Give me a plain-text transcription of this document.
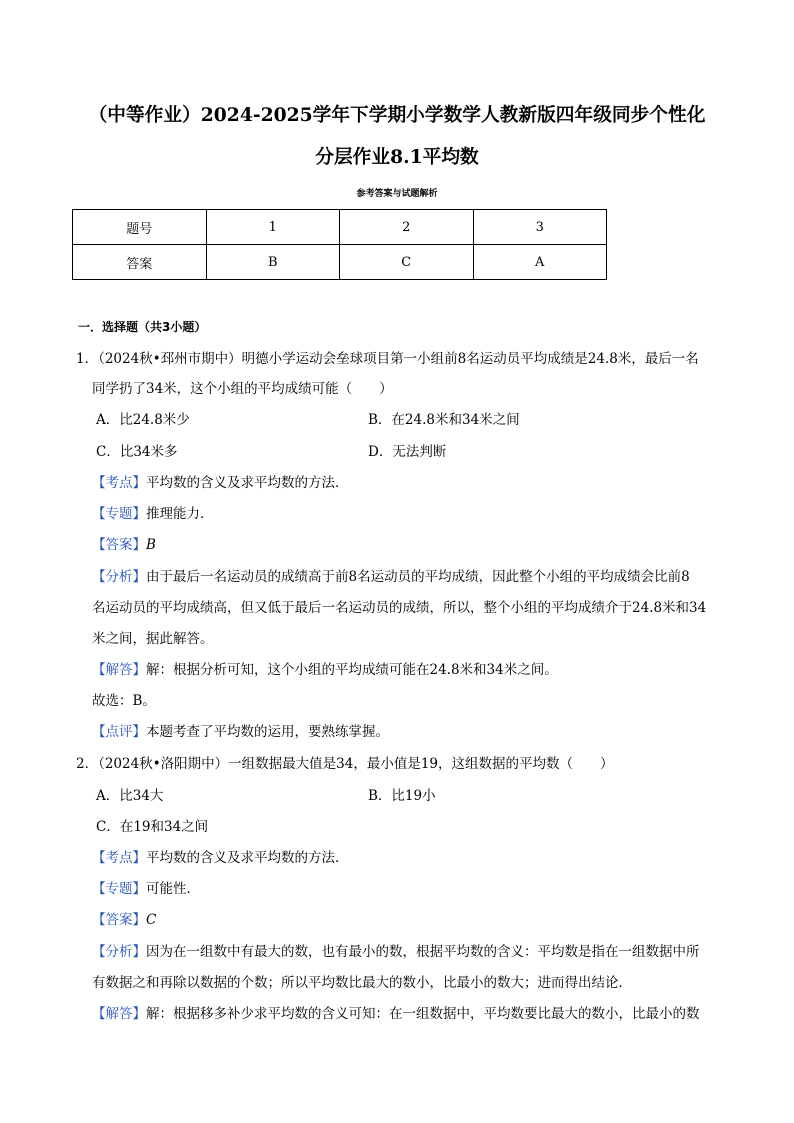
（中等作业）2024-2025学年下学期小学数学人教新版四年级同步个性化
分层作业8.1平均数
参考答案与试题解析
题号	1	2	3
答案	B	C	A
一．选择题（共3小题）
1．（2024秋•邳州市期中）明德小学运动会垒球项目第一小组前8名运动员平均成绩是24.8米，最后一名
同学扔了34米，这个小组的平均成绩可能（　　）
A．比24.8米少	B．在24.8米和34米之间
C．比34米多	D．无法判断
【考点】平均数的含义及求平均数的方法．
【专题】推理能力．
【答案】B
【分析】由于最后一名运动员的成绩高于前8名运动员的平均成绩，因此整个小组的平均成绩会比前8
名运动员的平均成绩高，但又低于最后一名运动员的成绩，所以，整个小组的平均成绩介于24.8米和34
米之间，据此解答。
【解答】解：根据分析可知，这个小组的平均成绩可能在24.8米和34米之间。
故选：B。
【点评】本题考查了平均数的运用，要熟练掌握。
2．（2024秋•洛阳期中）一组数据最大值是34，最小值是19，这组数据的平均数（　　）
A．比34大	B．比19小
C．在19和34之间
【考点】平均数的含义及求平均数的方法．
【专题】可能性．
【答案】C
【分析】因为在一组数中有最大的数，也有最小的数，根据平均数的含义：平均数是指在一组数据中所
有数据之和再除以数据的个数；所以平均数比最大的数小，比最小的数大；进而得出结论．
【解答】解：根据移多补少求平均数的含义可知：在一组数据中，平均数要比最大的数小，比最小的数
